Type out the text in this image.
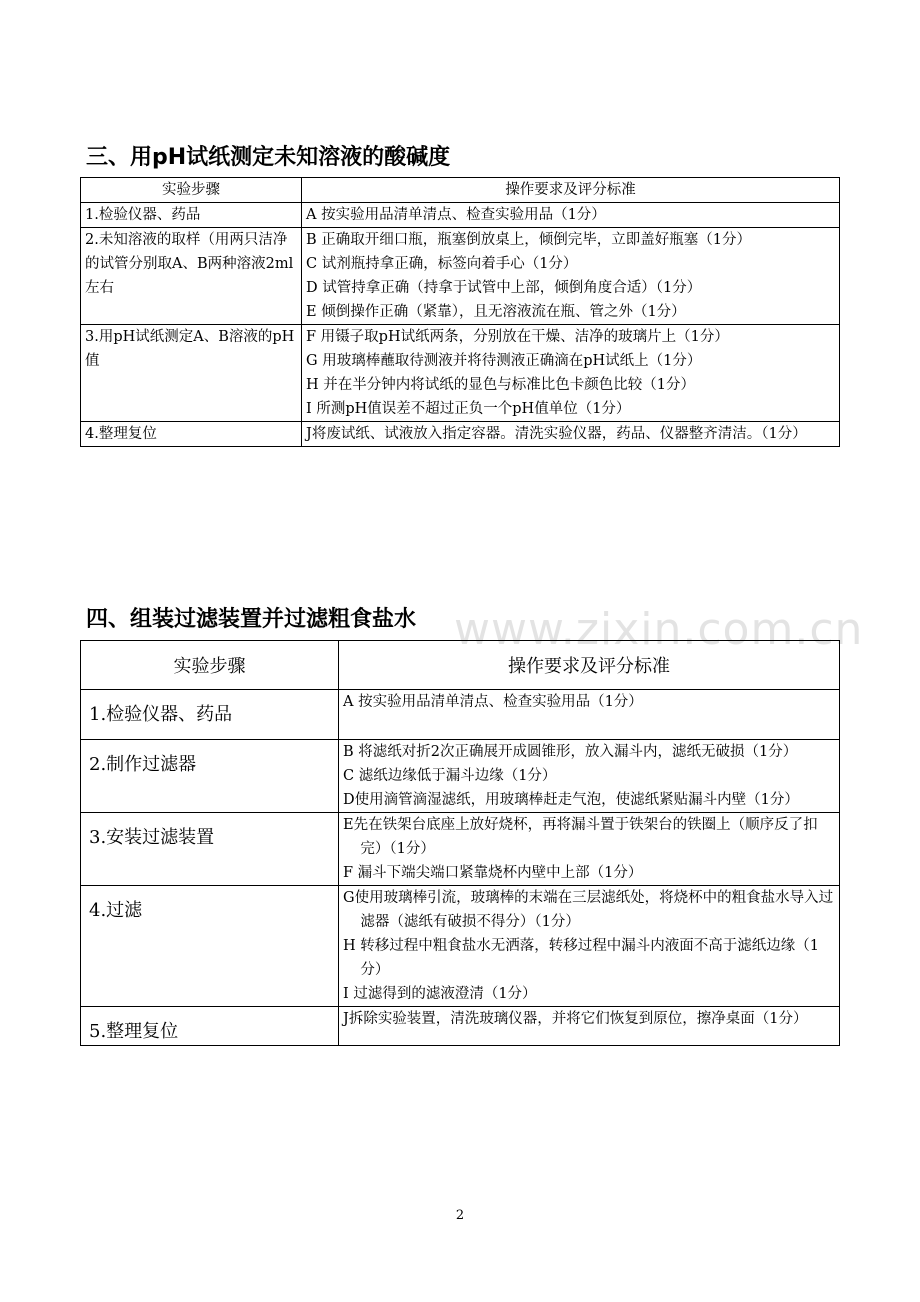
三、用pH试纸测定未知溶液的酸碱度
实验步骤	操作要求及评分标准
1.检验仪器、药品	A 按实验用品清单清点、检查实验用品（1分）

2.未知溶液的取样（用两只洁净的试管分别取A、B两种溶液2ml左右	B 正确取开细口瓶，瓶塞倒放桌上，倾倒完毕，立即盖好瓶塞（1分）
C 试剂瓶持拿正确，标签向着手心（1分）
D 试管持拿正确（持拿于试管中上部，倾倒角度合适）（1分）
E 倾倒操作正确（紧靠），且无溶液流在瓶、管之外（1分）

3.用pH试纸测定A、B溶液的pH值	F 用镊子取pH试纸两条，分别放在干燥、洁净的玻璃片上（1分）
G 用玻璃棒蘸取待测液并将待测液正确滴在pH试纸上（1分）
H 并在半分钟内将试纸的显色与标准比色卡颜色比较（1分）
I 所测pH值误差不超过正负一个pH值单位（1分）

4.整理复位	J将废试纸、试液放入指定容器。清洗实验仪器，药品、仪器整齐清洁。（1分）
www.zixin.com.cn
四、组装过滤装置并过滤粗食盐水
实验步骤	操作要求及评分标准
1.检验仪器、药品	A 按实验用品清单清点、检查实验用品（1分）

2.制作过滤器	B 将滤纸对折2次正确展开成圆锥形，放入漏斗内，滤纸无破损（1分）
C 滤纸边缘低于漏斗边缘（1分）
D使用滴管滴湿滤纸，用玻璃棒赶走气泡，使滤纸紧贴漏斗内壁（1分）

3.安装过滤装置	E先在铁架台底座上放好烧杯，再将漏斗置于铁架台的铁圈上（顺序反了扣完）（1分）
F 漏斗下端尖端口紧靠烧杯内壁中上部（1分）

4.过滤	G使用玻璃棒引流，玻璃棒的末端在三层滤纸处，将烧杯中的粗食盐水导入过滤器（滤纸有破损不得分）（1分）
H 转移过程中粗食盐水无洒落，转移过程中漏斗内液面不高于滤纸边缘（1分）
I 过滤得到的滤液澄清（1分）

5.整理复位	J拆除实验装置，清洗玻璃仪器，并将它们恢复到原位，擦净桌面（1分）
2
